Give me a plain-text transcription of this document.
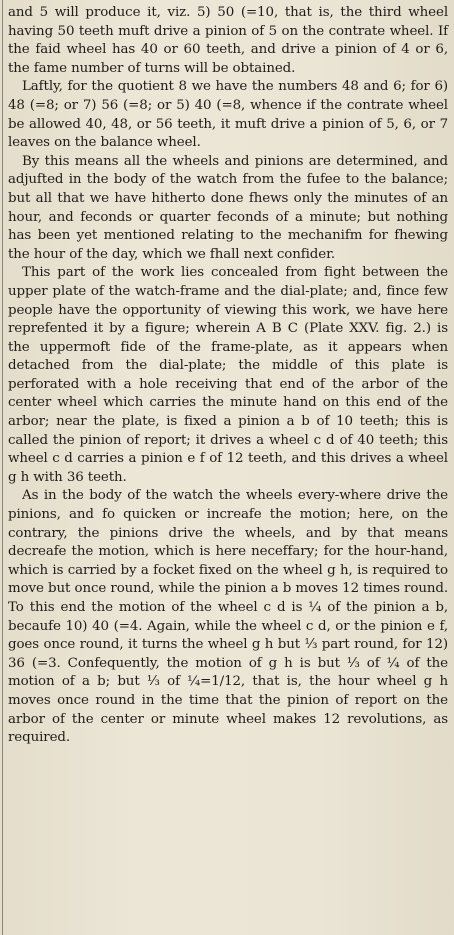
and 5 will produce it, viz. 5) 50 (=10, that is, the third wheel having 50 teeth muft drive a pinion of 5 on the contrate wheel. If the faid wheel has 40 or 60 teeth, and drive a pinion of 4 or 6, the fame number of turns will be obtained.

Laftly, for the quotient 8 we have the numbers 48 and 6; for 6) 48 (=8; or 7) 56 (=8; or 5) 40 (=8, whence if the contrate wheel be allowed 40, 48, or 56 teeth, it muft drive a pinion of 5, 6, or 7 leaves on the balance wheel.

By this means all the wheels and pinions are determined, and adjufted in the body of the watch from the fufee to the balance; but all that we have hitherto done fhews only the minutes of an hour, and feconds or quarter feconds of a minute; but nothing has been yet mentioned relating to the mechanifm for fhewing the hour of the day, which we fhall next confider.

This part of the work lies concealed from fight between the upper plate of the watch-frame and the dial-plate; and, fince few people have the opportunity of viewing this work, we have here reprefented it by a figure; wherein A B C (Plate XXV. fig. 2.) is the uppermoft fide of the frame-plate, as it appears when detached from the dial-plate; the middle of this plate is perforated with a hole receiving that end of the arbor of the center wheel which carries the minute hand on this end of the arbor; near the plate, is fixed a pinion a b of 10 teeth; this is called the pinion of report; it drives a wheel c d of 40 teeth; this wheel c d carries a pinion e f of 12 teeth, and this drives a wheel g h with 36 teeth.

As in the body of the watch the wheels every-where drive the pinions, and fo quicken or increafe the motion; here, on the contrary, the pinions drive the wheels, and by that means decreafe the motion, which is here neceffary; for the hour-hand, which is carried by a focket fixed on the wheel g h, is required to move but once round, while the pinion a b moves 12 times round. To this end the motion of the wheel c d is ¼ of the pinion a b, becaufe 10) 40 (=4. Again, while the wheel c d, or the pinion e f, goes once round, it turns the wheel g h but ⅓ part round, for 12) 36 (=3. Confequently, the motion of g h is but ⅓ of ¼ of the motion of a b; but ⅓ of ¼=1/12, that is, the hour wheel g h moves once round in the time that the pinion of report on the arbor of the center or minute wheel makes 12 revolutions, as required.
